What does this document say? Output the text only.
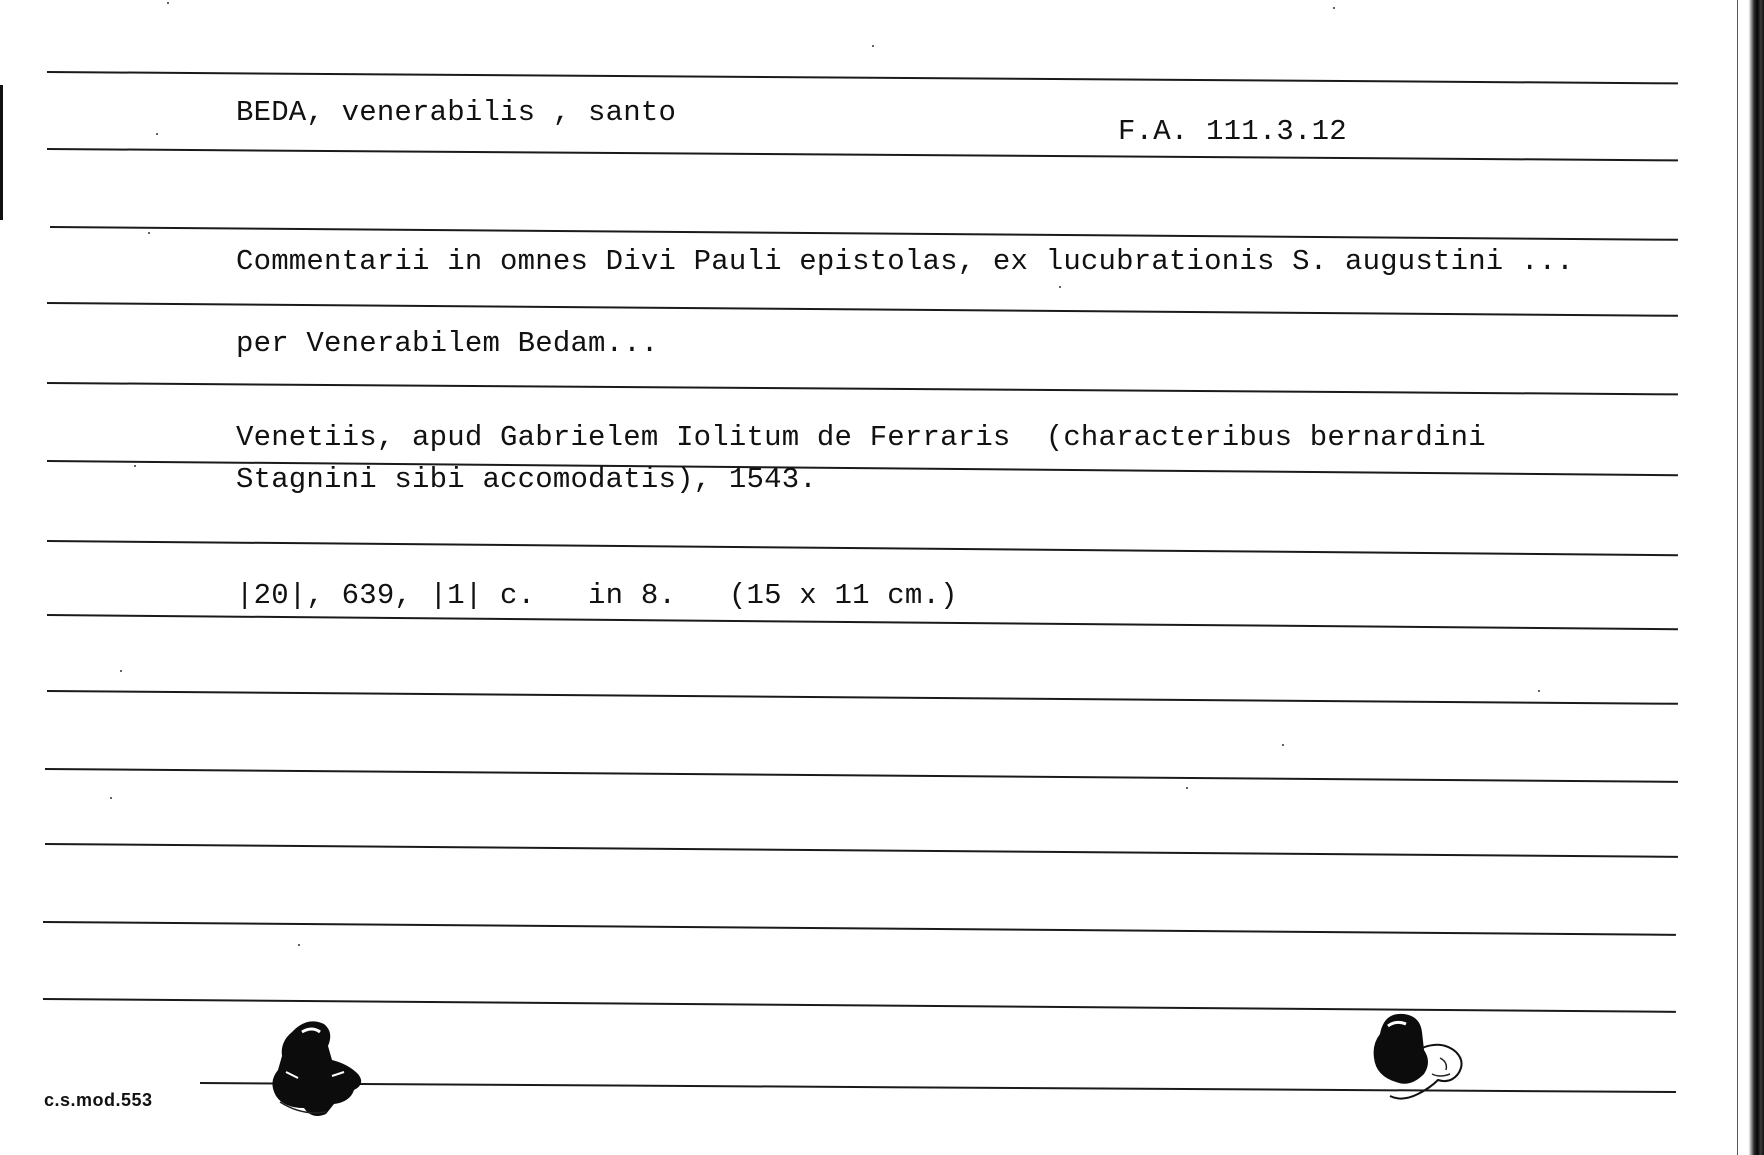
BEDA, venerabilis , santo
F.A. 111.3.12
Commentarii in omnes Divi Pauli epistolas, ex lucubrationis S. augustini ...
per Venerabilem Bedam...
Venetiis, apud Gabrielem Iolitum de Ferraris  (characteribus bernardini
Stagnini sibi accomodatis), 1543.
|20|, 639, |1| c.   in 8.   (15 x 11 cm.)
c.s.mod.553
